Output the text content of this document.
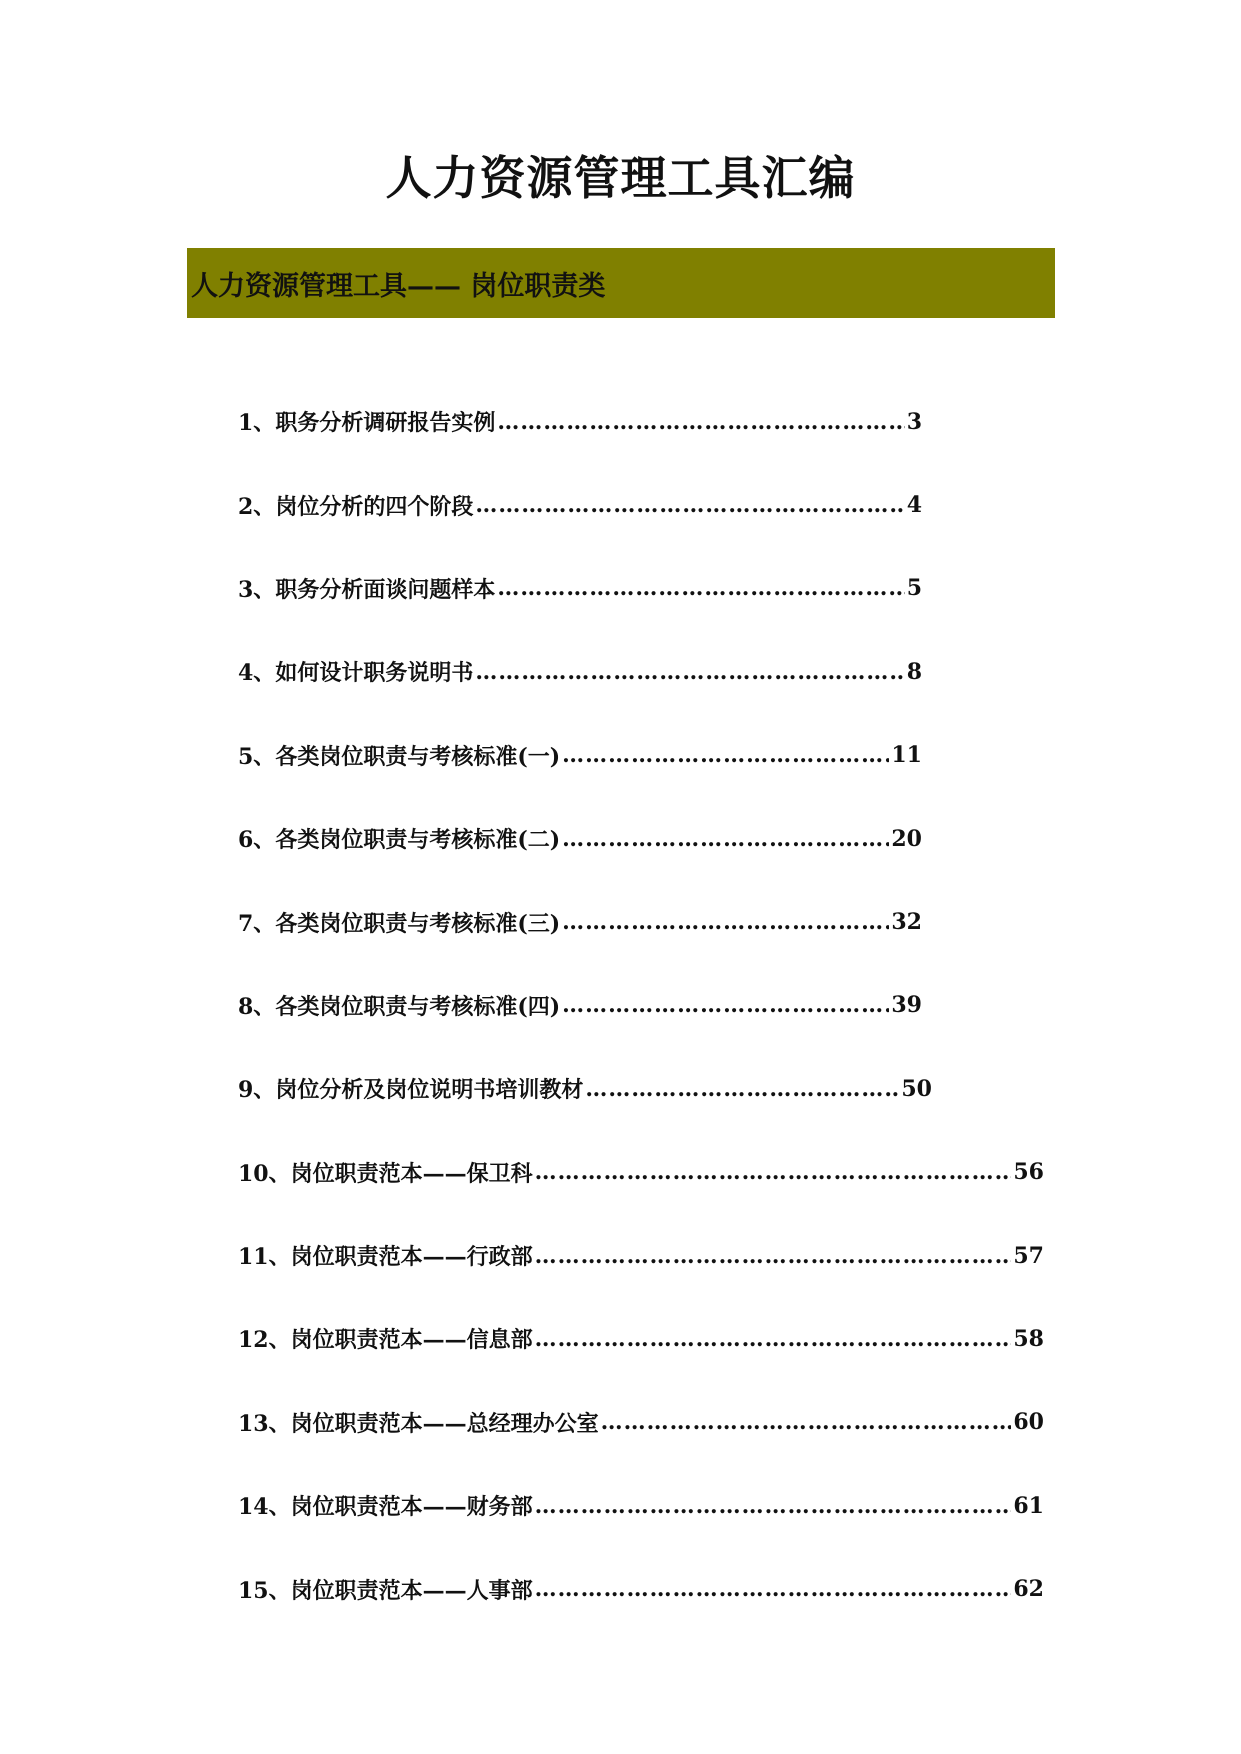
人力资源管理工具汇编
人力资源管理工具—— 岗位职责类
1、 职务分析调研报告实例 …………………………………………………………………………………………………………………………………………………………………………	3
2、 岗位分析的四个阶段 …………………………………………………………………………………………………………………………………………………………………………	4
3、 职务分析面谈问题样本 …………………………………………………………………………………………………………………………………………………………………………	5
4、 如何设计职务说明书 …………………………………………………………………………………………………………………………………………………………………………	8
5、 各类岗位职责与考核标准(一) …………………………………………………………………………………………………………………………………………………………………………	11
6、 各类岗位职责与考核标准(二) …………………………………………………………………………………………………………………………………………………………………………	20
7、 各类岗位职责与考核标准(三) …………………………………………………………………………………………………………………………………………………………………………	32
8、 各类岗位职责与考核标准(四) …………………………………………………………………………………………………………………………………………………………………………	39
9、 岗位分析及岗位说明书培训教材 …………………………………………………………………………………………………………………………………………………………………………	50
10、 岗位职责范本——保卫科 …………………………………………………………………………………………………………………………………………………………………………	56
11、 岗位职责范本——行政部 …………………………………………………………………………………………………………………………………………………………………………	57
12、 岗位职责范本——信息部 …………………………………………………………………………………………………………………………………………………………………………	58
13、 岗位职责范本——总经理办公室 …………………………………………………………………………………………………………………………………………………………………………	60
14、 岗位职责范本——财务部 …………………………………………………………………………………………………………………………………………………………………………	61
15、 岗位职责范本——人事部 …………………………………………………………………………………………………………………………………………………………………………	62
